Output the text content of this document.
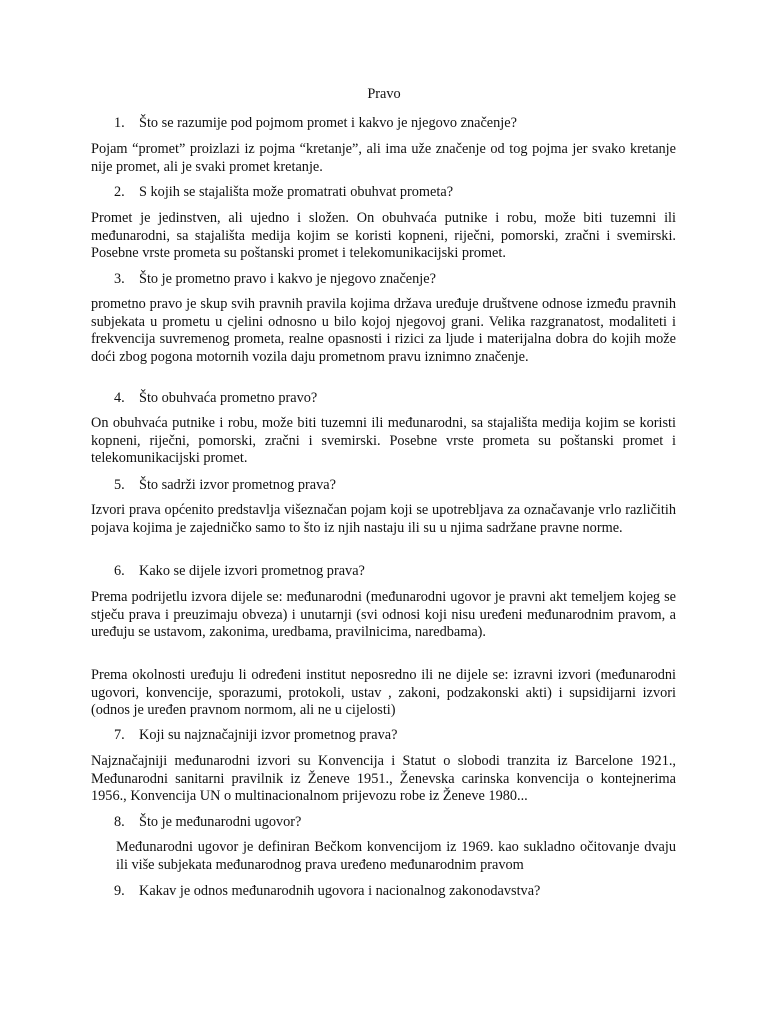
Pravo
1. Što se razumije pod pojmom promet i kakvo je njegovo značenje?
Pojam “promet” proizlazi iz pojma “kretanje”, ali ima uže značenje od tog pojma jer svako kretanje nije promet, ali je svaki promet kretanje.
2. S kojih se stajališta može promatrati obuhvat prometa?
Promet je jedinstven, ali ujedno i složen. On obuhvaća putnike i robu, može biti tuzemni ili međunarodni, sa stajališta medija kojim se koristi kopneni, riječni, pomorski, zračni i svemirski. Posebne vrste prometa su poštanski promet i telekomunikacijski promet.
3. Što je prometno pravo i kakvo je njegovo značenje?
prometno pravo je skup svih pravnih pravila kojima država uređuje društvene odnose između pravnih subjekata u prometu u cjelini odnosno u bilo kojoj njegovoj grani. Velika razgranatost, modaliteti i frekvencija suvremenog prometa, realne opasnosti i rizici za ljude i materijalna dobra do kojih može doći zbog pogona motornih vozila daju prometnom pravu iznimno značenje.
4. Što obuhvaća prometno pravo?
On obuhvaća putnike i robu, može biti tuzemni ili međunarodni, sa stajališta medija kojim se koristi kopneni, riječni, pomorski, zračni i svemirski. Posebne vrste prometa su poštanski promet i telekomunikacijski promet.
5. Što sadrži izvor prometnog prava?
Izvori prava općenito predstavlja višeznačan pojam koji se upotrebljava za označavanje vrlo različitih pojava kojima je zajedničko samo to što iz njih nastaju ili su u njima sadržane pravne norme.
6. Kako se dijele izvori prometnog prava?
Prema podrijetlu izvora dijele se: međunarodni (međunarodni ugovor je pravni akt temeljem kojeg se stječu prava i preuzimaju obveza) i unutarnji (svi odnosi koji nisu uređeni međunarodnim pravom, a uređuju se ustavom, zakonima, uredbama, pravilnicima, naredbama).
Prema okolnosti uređuju li određeni institut neposredno ili ne dijele se: izravni izvori (međunarodni ugovori, konvencije, sporazumi, protokoli, ustav , zakoni, podzakonski akti) i supsidijarni izvori (odnos je uređen pravnom normom, ali ne u cijelosti)
7. Koji su najznačajniji izvor prometnog prava?
Najznačajniji međunarodni izvori su Konvencija i Statut o slobodi tranzita iz Barcelone 1921., Međunarodni sanitarni pravilnik iz Ženeve 1951., Ženevska carinska konvencija o kontejnerima 1956., Konvencija UN o multinacionalnom prijevozu robe iz Ženeve 1980...
8. Što je međunarodni ugovor?
Međunarodni ugovor je definiran Bečkom konvencijom iz 1969. kao sukladno očitovanje dvaju ili više subjekata međunarodnog prava uređeno međunarodnim pravom
9. Kakav je odnos međunarodnih ugovora i nacionalnog zakonodavstva?
